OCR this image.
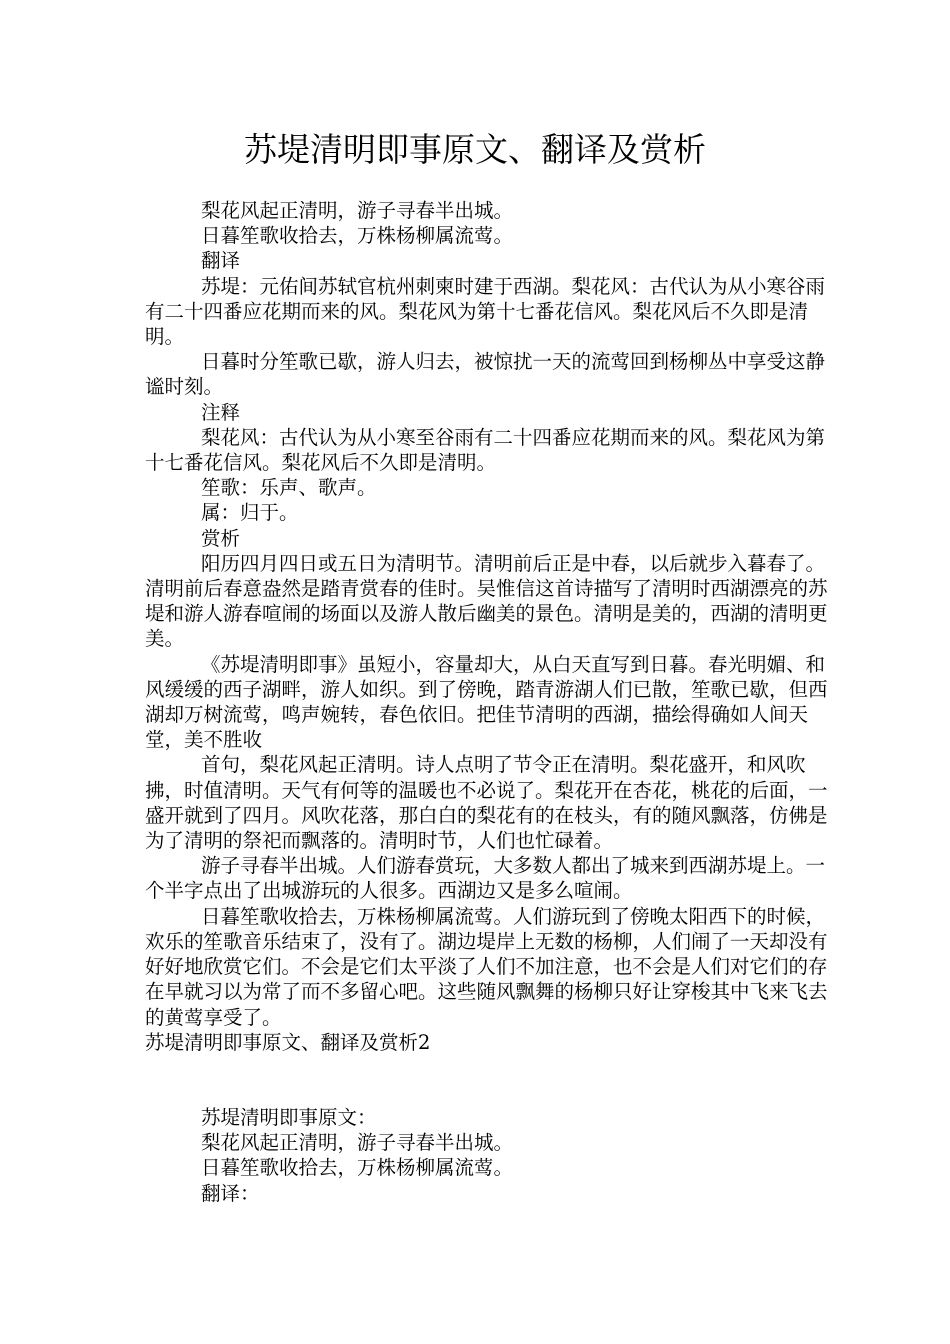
苏堤清明即事原文、翻译及赏析

梨花风起正清明，游子寻春半出城。

日暮笙歌收拾去，万株杨柳属流莺。

翻译

苏堤：元佑间苏轼官杭州刺柬时建于西湖。梨花风：古代认为从小寒谷雨有二十四番应花期而来的风。梨花风为第十七番花信风。梨花风后不久即是清明。

日暮时分笙歌已歇，游人归去，被惊扰一天的流莺回到杨柳丛中享受这静谧时刻。

注释

梨花风：古代认为从小寒至谷雨有二十四番应花期而来的风。梨花风为第十七番花信风。梨花风后不久即是清明。

笙歌：乐声、歌声。

属：归于。

赏析

阳历四月四日或五日为清明节。清明前后正是中春，以后就步入暮春了。清明前后春意盎然是踏青赏春的佳时。吴惟信这首诗描写了清明时西湖漂亮的苏堤和游人游春喧闹的场面以及游人散后幽美的景色。清明是美的，西湖的清明更美。

《苏堤清明即事》虽短小，容量却大，从白天直写到日暮。春光明媚、和风缓缓的西子湖畔，游人如织。到了傍晚，踏青游湖人们已散，笙歌已歇，但西湖却万树流莺，鸣声婉转，春色依旧。把佳节清明的西湖，描绘得确如人间天堂，美不胜收

首句，梨花风起正清明。诗人点明了节令正在清明。梨花盛开，和风吹拂，时值清明。天气有何等的温暖也不必说了。梨花开在杏花，桃花的后面，一盛开就到了四月。风吹花落，那白白的梨花有的在枝头，有的随风飘落，仿佛是为了清明的祭祀而飘落的。清明时节，人们也忙碌着。

游子寻春半出城。人们游春赏玩，大多数人都出了城来到西湖苏堤上。一个半字点出了出城游玩的人很多。西湖边又是多么喧闹。

日暮笙歌收拾去，万株杨柳属流莺。人们游玩到了傍晚太阳西下的时候，欢乐的笙歌音乐结束了，没有了。湖边堤岸上无数的杨柳，人们闹了一天却没有好好地欣赏它们。不会是它们太平淡了人们不加注意，也不会是人们对它们的存在早就习以为常了而不多留心吧。这些随风飘舞的杨柳只好让穿梭其中飞来飞去的黄莺享受了。

苏堤清明即事原文、翻译及赏析2

苏堤清明即事原文：

梨花风起正清明，游子寻春半出城。

日暮笙歌收拾去，万株杨柳属流莺。

翻译：
